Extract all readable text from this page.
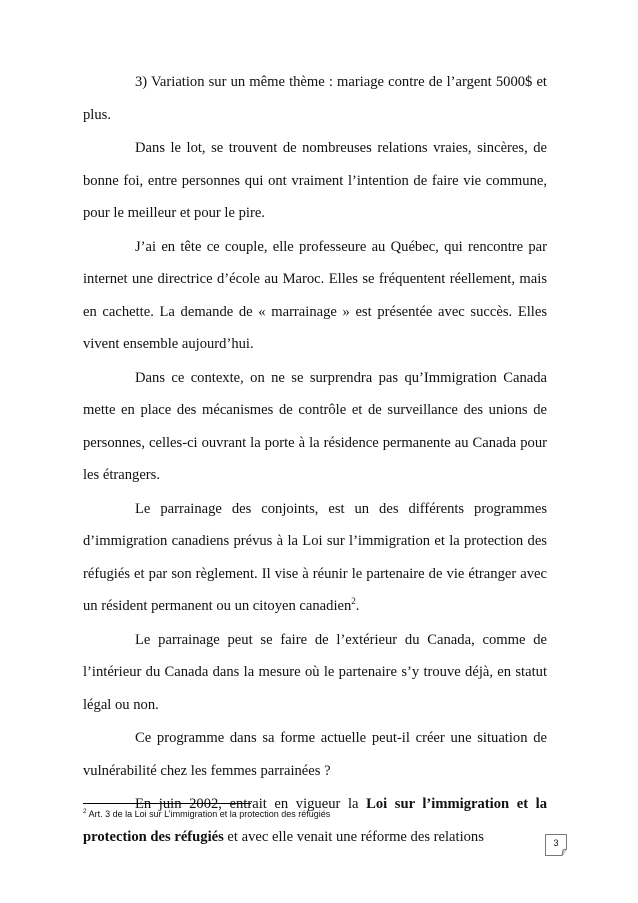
3) Variation sur un même thème : mariage contre de l’argent 5000$ et plus.

Dans le lot, se trouvent de nombreuses relations vraies, sincères, de bonne foi, entre personnes qui ont vraiment l’intention de faire vie commune, pour le meilleur et pour le pire.

J’ai en tête ce couple, elle professeure au Québec, qui rencontre par internet une directrice d’école au Maroc. Elles se fréquentent réellement, mais en cachette. La demande de « marrainage » est présentée avec succès. Elles vivent ensemble aujourd’hui.

Dans ce contexte, on ne se surprendra pas qu’Immigration Canada mette en place des mécanismes de contrôle et de surveillance des unions de personnes, celles-ci ouvrant la porte à la résidence permanente au Canada pour les étrangers.

Le parrainage des conjoints, est un des différents programmes d’immigration canadiens prévus à la Loi sur l’immigration et la protection des réfugiés et par son règlement. Il vise à réunir le partenaire de vie étranger avec un résident permanent ou un citoyen canadien$^2$.

Le parrainage peut se faire de l’extérieur du Canada, comme de l’intérieur du Canada dans la mesure où le partenaire s’y trouve déjà, en statut légal ou non.

Ce programme dans sa forme actuelle peut-il créer une situation de vulnérabilité chez les femmes parrainées ?

En juin 2002, entrait en vigueur la Loi sur l’immigration et la protection des réfugiés et avec elle venait une réforme des relations

$^2$ Art. 3 de la Loi sur L’immigration et la protection des réfugiés
3
